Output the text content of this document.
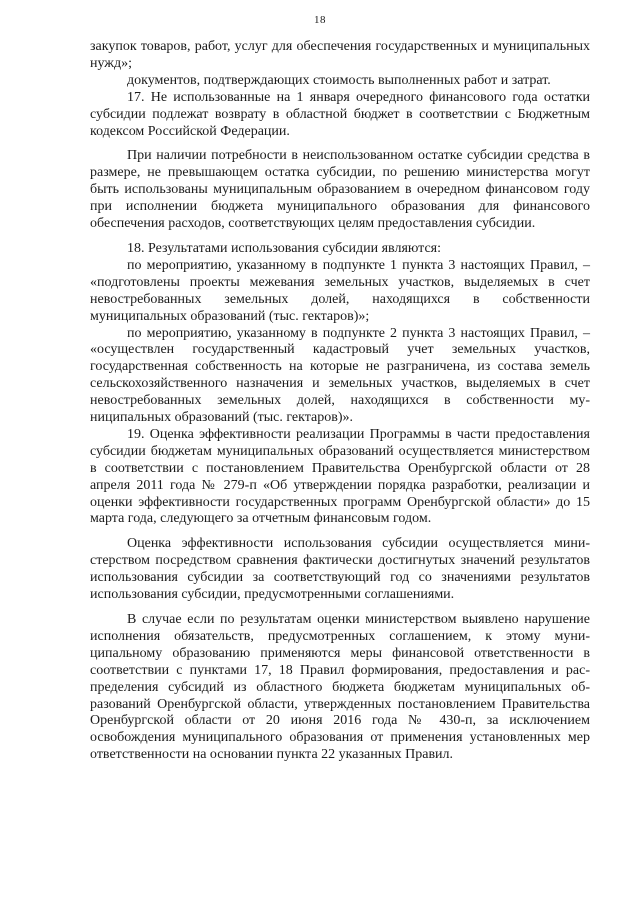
18

закупок товаров, работ, услуг для обеспечения государственных и муниципальных нужд»;

документов, подтверждающих стоимость выполненных работ и затрат.

17. Не использованные на 1 января очередного финансового года остатки субсидии подлежат возврату в областной бюджет в соответствии с Бюджетным кодексом Российской Федерации.

При наличии потребности в неиспользованном остатке субсидии средства в размере, не превышающем остатка субсидии, по решению министерства могут быть использованы муниципальным образованием в очередном финансовом году при исполнении бюджета муниципального образования для финансового обеспечения расходов, соответствующих целям предоставления субсидии.

18. Результатами использования субсидии являются:

по мероприятию, указанному в подпункте 1 пункта 3 настоящих Правил, – «подготовлены проекты межевания земельных участков, выделяемых в счет невостребованных земельных долей, находящихся в собственности муниципальных образований (тыс. гектаров)»;

по мероприятию, указанному в подпункте 2 пункта 3 настоящих Правил, – «осуществлен государственный кадастровый учет земельных участков, государственная собственность на которые не разграничена, из состава земель сельскохозяйственного назначения и земельных участков, выделяемых в счет невостребованных земельных долей, находящихся в собственности муниципальных образований (тыс. гектаров)».

19. Оценка эффективности реализации Программы в части предоставления субсидии бюджетам муниципальных образований осуществляется министерством в соответствии с постановлением Правительства Оренбургской области от 28 апреля 2011 года № 279-п «Об утверждении порядка разработки, реализации и оценки эффективности государственных программ Оренбургской области» до 15 марта года, следующего за отчетным финансовым годом.

Оценка эффективности использования субсидии осуществляется министерством посредством сравнения фактически достигнутых значений результатов использования субсидии за соответствующий год со значениями результатов использования субсидии, предусмотренными соглашениями.

В случае если по результатам оценки министерством выявлено нарушение исполнения обязательств, предусмотренных соглашением, к этому муниципальному образованию применяются меры финансовой ответственности в соответствии с пунктами 17, 18 Правил формирования, предоставления и распределения субсидий из областного бюджета бюджетам муниципальных образований Оренбургской области, утвержденных постановлением Правительства Оренбургской области от 20 июня 2016 года № 430-п, за исключением освобождения муниципального образования от применения установленных мер ответственности на основании пункта 22 указанных Правил.
